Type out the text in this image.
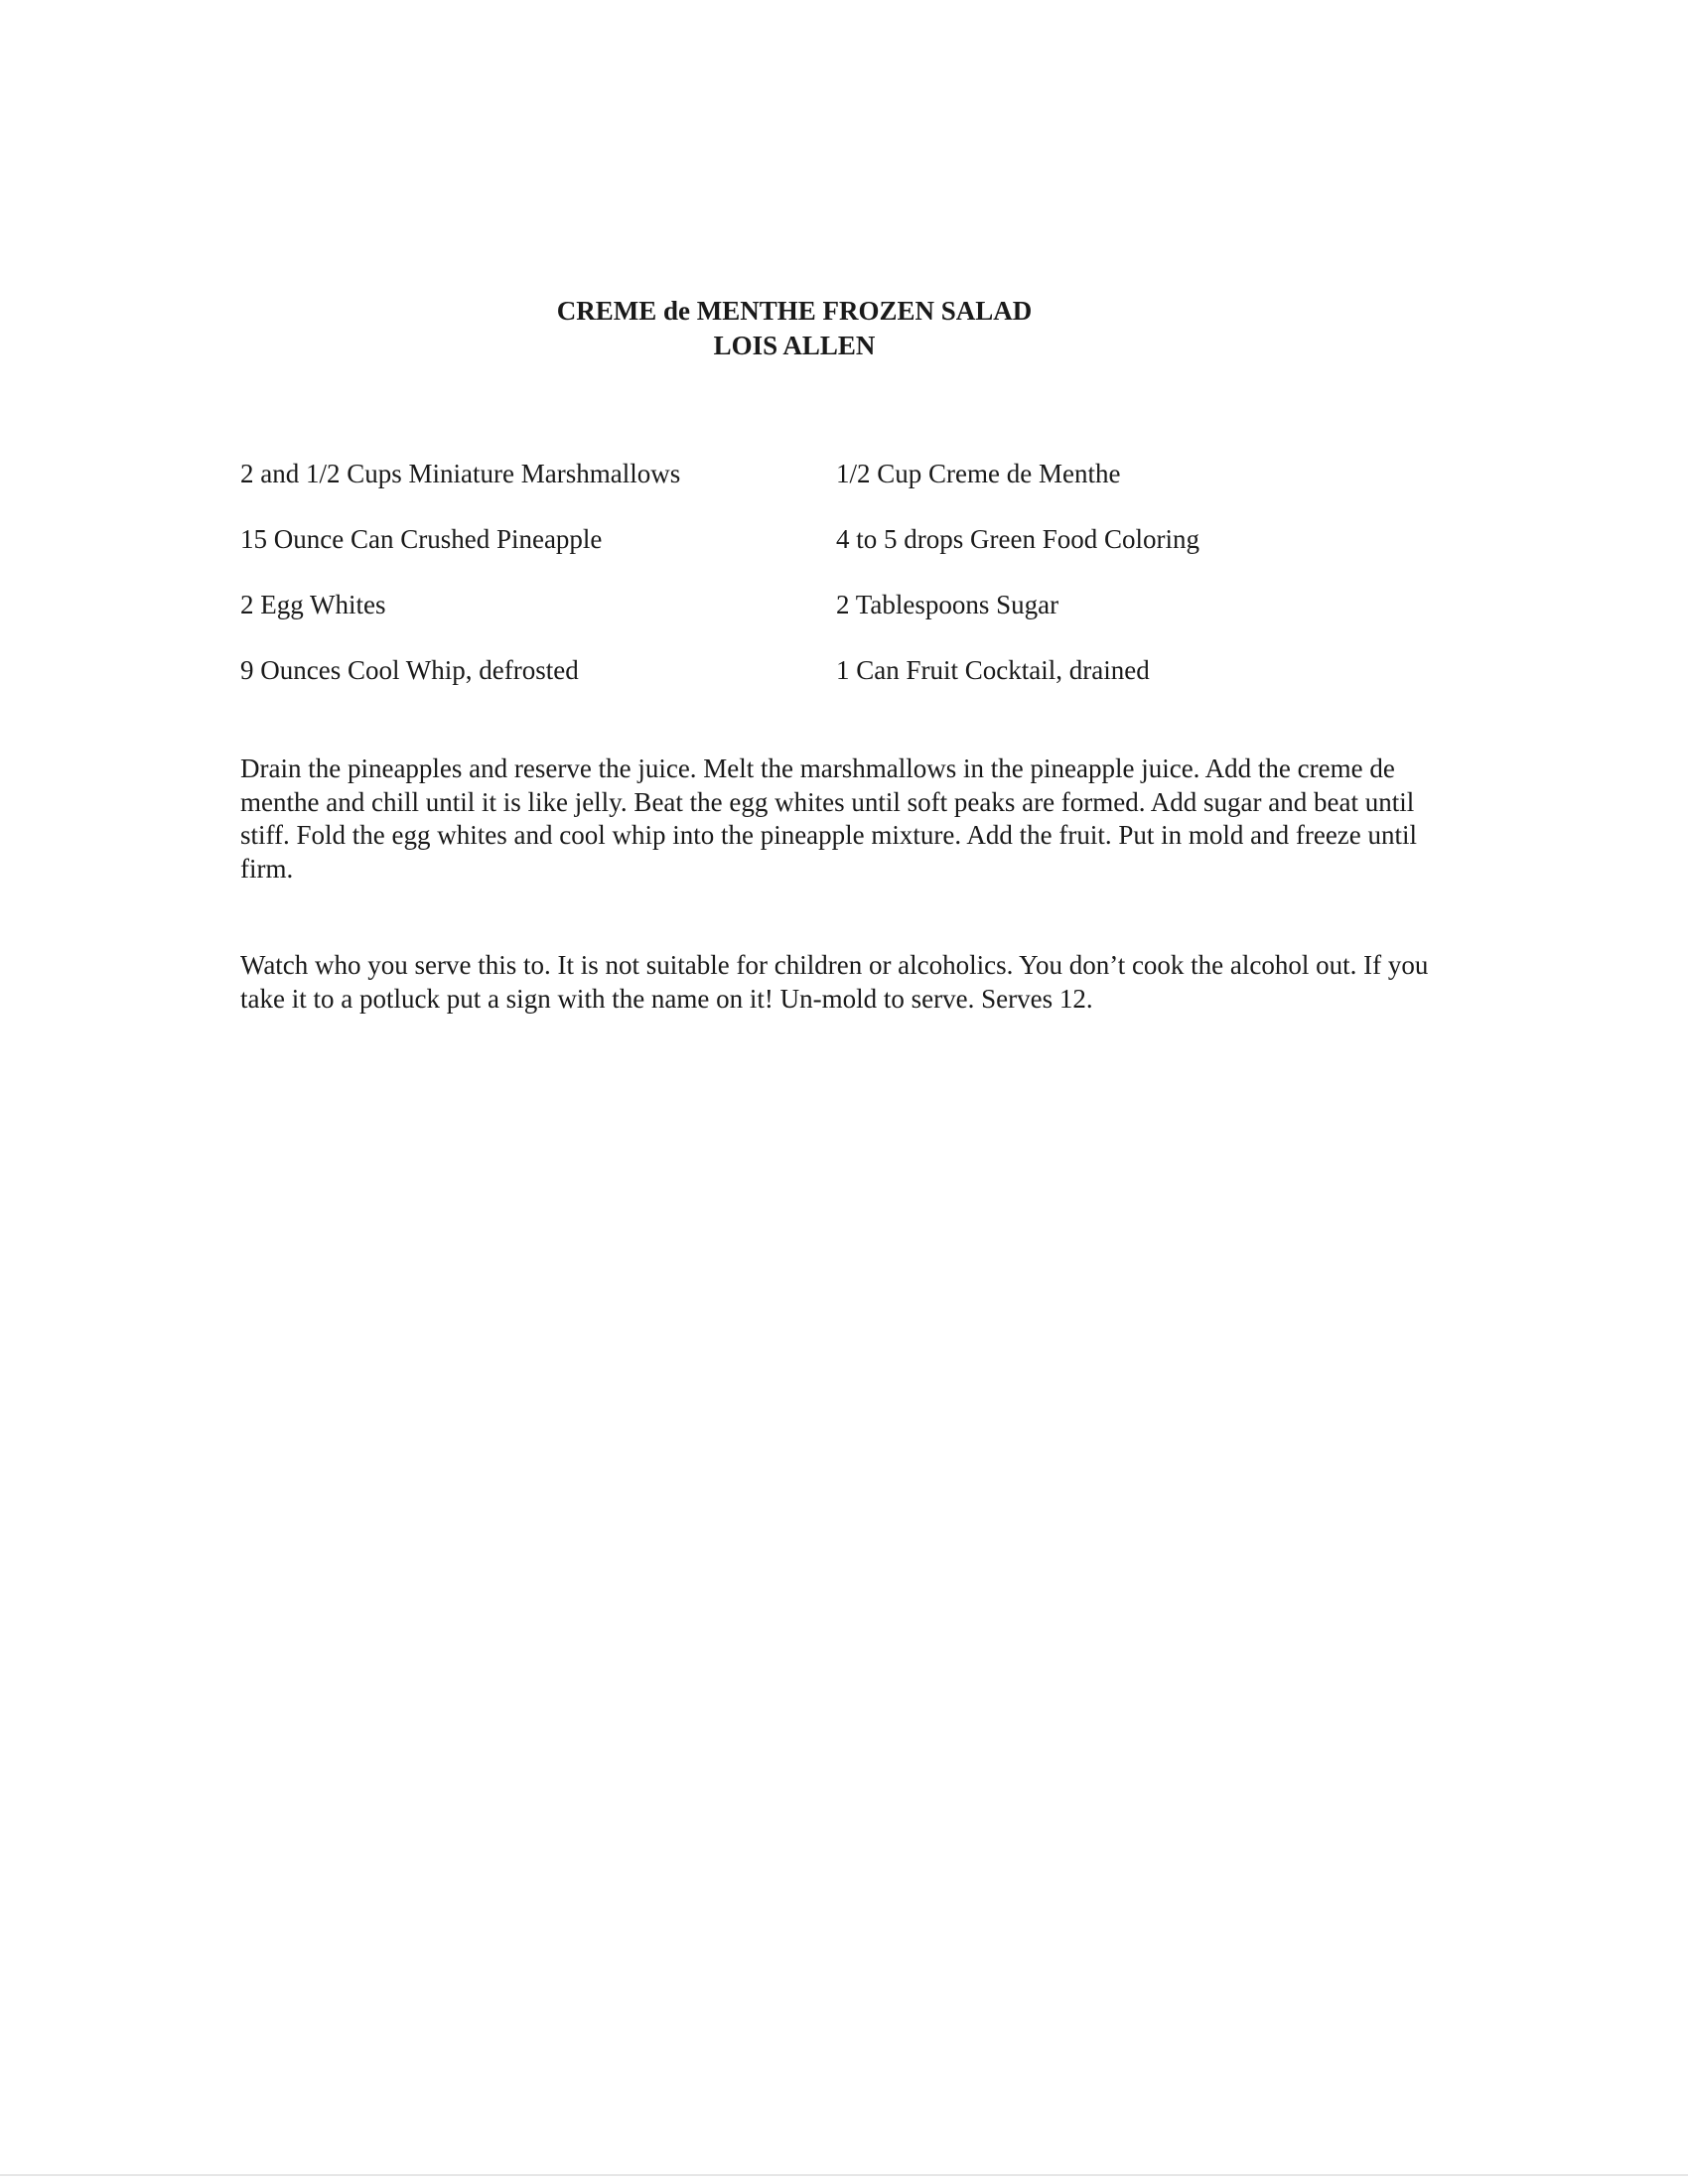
CREME de MENTHE FROZEN SALAD
LOIS ALLEN
2 and 1/2 Cups Miniature Marshmallows	1/2 Cup Creme de Menthe
15 Ounce Can Crushed Pineapple	4 to 5 drops Green Food Coloring
2 Egg Whites	2 Tablespoons Sugar
9 Ounces Cool Whip, defrosted	1 Can Fruit Cocktail, drained

Drain the pineapples and reserve the juice. Melt the marshmallows in the pineapple juice. Add the creme de menthe and chill until it is like jelly. Beat the egg whites until soft peaks are formed. Add sugar and beat until stiff. Fold the egg whites and cool whip into the pineapple mixture. Add the fruit. Put in mold and freeze until firm.

Watch who you serve this to. It is not suitable for children or alcoholics. You don’t cook the alcohol out. If you take it to a potluck put a sign with the name on it! Un-mold to serve. Serves 12.
